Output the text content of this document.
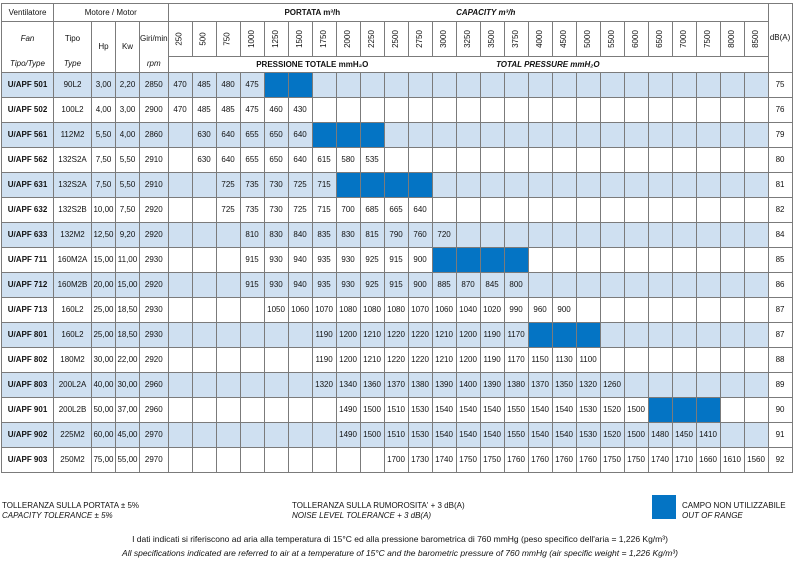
Ventilatore	Motore / Motor				PORTATA m³/h												CAPACITY m³/h													dB(A)
Fan	Tipo	Hp	Kw	Giri/min	250	500	750	1000	1250	1500	1750	2000	2250	2500	2750	3000	3250	3500	3750	4000	4500	5000	5500	6000	6500	7000	7500	8000	8500	
Tipo/Type	Type			rpm	PRESSIONE TOTALE mmH₂O												TOTAL PRESSURE mmH₂O													
U/APF 501	90L2	3,00	2,20	2850	470	485	480	475																						75
U/APF 502	100L2	4,00	3,00	2900	470	485	485	475	460	430																				76
U/APF 561	112M2	5,50	4,00	2860		630	640	655	650	640																				79
U/APF 562	132S2A	7,50	5,50	2910		630	640	655	650	640	615	580	535																	80
U/APF 631	132S2A	7,50	5,50	2910			725	735	730	725	715																			81
U/APF 632	132S2B	10,00	7,50	2920			725	735	730	725	715	700	685	665	640															82
U/APF 633	132M2	12,50	9,20	2920				810	830	840	835	830	815	790	760	720														84
U/APF 711	160M2A	15,00	11,00	2930				915	930	940	935	930	925	915	900															85
U/APF 712	160M2B	20,00	15,00	2920				915	930	940	935	930	925	915	900	885	870	845	800											86
U/APF 713	160L2	25,00	18,50	2930					1050	1060	1070	1080	1080	1080	1070	1060	1040	1020	990	960	900									87
U/APF 801	160L2	25,00	18,50	2930							1190	1200	1210	1220	1220	1210	1200	1190	1170											87
U/APF 802	180M2	30,00	22,00	2920							1190	1200	1210	1220	1220	1210	1200	1190	1170	1150	1130	1100								88
U/APF 803	200L2A	40,00	30,00	2960							1320	1340	1360	1370	1380	1390	1400	1390	1380	1370	1350	1320	1260							89
U/APF 901	200L2B	50,00	37,00	2960								1490	1500	1510	1530	1540	1540	1540	1550	1540	1540	1530	1520	1500						90
U/APF 902	225M2	60,00	45,00	2970								1490	1500	1510	1530	1540	1540	1540	1550	1540	1540	1530	1520	1500	1480	1450	1410			91
U/APF 903	250M2	75,00	55,00	2970										1700	1730	1740	1750	1750	1760	1760	1760	1760	1750	1750	1740	1710	1660	1610	1560	92
TOLLERANZA SULLA PORTATA ± 5%
CAPACITY TOLERANCE ± 5%
TOLLERANZA SULLA RUMOROSITA' + 3 dB(A)
NOISE LEVEL TOLERANCE + 3 dB(A)
CAMPO NON UTILIZZABILE
OUT OF RANGE
I dati indicati si riferiscono ad aria alla temperatura di 15°C ed alla pressione barometrica di 760 mmHg (peso specifico dell'aria = 1,226 Kg/m³)
All specifications indicated are referred to air at a temperature of 15°C and the barometric pressure of 760 mmHg (air specific weight = 1,226 Kg/m³)
